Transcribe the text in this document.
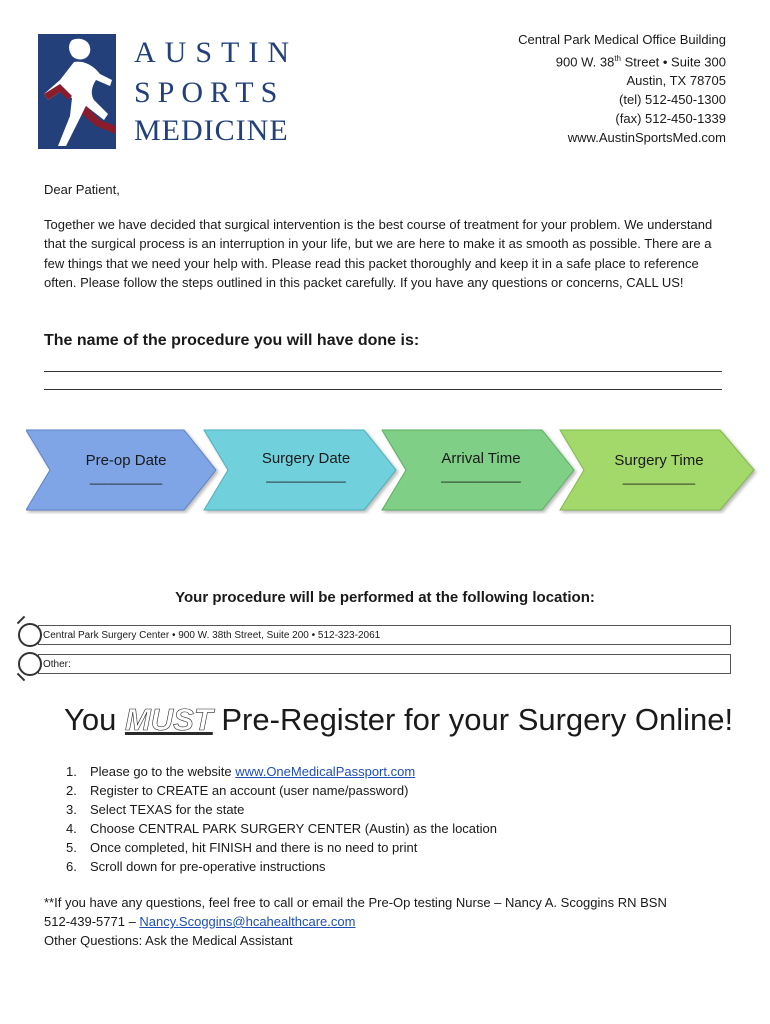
AUSTIN
SPORTS
MEDICINE
Central Park Medical Office Building
900 W. 38th Street • Suite 300
Austin, TX 78705
(tel) 512-450-1300
(fax) 512-450-1339
www.AustinSportsMed.com

Dear Patient,

Together we have decided that surgical intervention is the best course of treatment for your problem. We understand that the surgical process is an interruption in your life, but we are here to make it as smooth as possible. There are a few things that we need your help with. Please read this packet thoroughly and keep it in a safe place to reference often. Please follow the steps outlined in this packet carefully. If you have any questions or concerns, CALL US!

The name of the procedure you will have done is:
Pre-op Date
__________
Surgery Date
___________
Arrival Time
___________
Surgery Time
__________
Your procedure will be performed at the following location:
Central Park Surgery Center • 900 W. 38th Street, Suite 200 • 512-323-2061
Other:
You MUST Pre-Register for your Surgery Online!
1. Please go to the website www.OneMedicalPassport.com
2. Register to CREATE an account (user name/password)
3. Select TEXAS for the state
4. Choose CENTRAL PARK SURGERY CENTER (Austin) as the location
5. Once completed, hit FINISH and there is no need to print
6. Scroll down for pre-operative instructions
**If you have any questions, feel free to call or email the Pre-Op testing Nurse – Nancy A. Scoggins RN BSN
512-439-5771 – Nancy.Scoggins@hcahealthcare.com
Other Questions: Ask the Medical Assistant
